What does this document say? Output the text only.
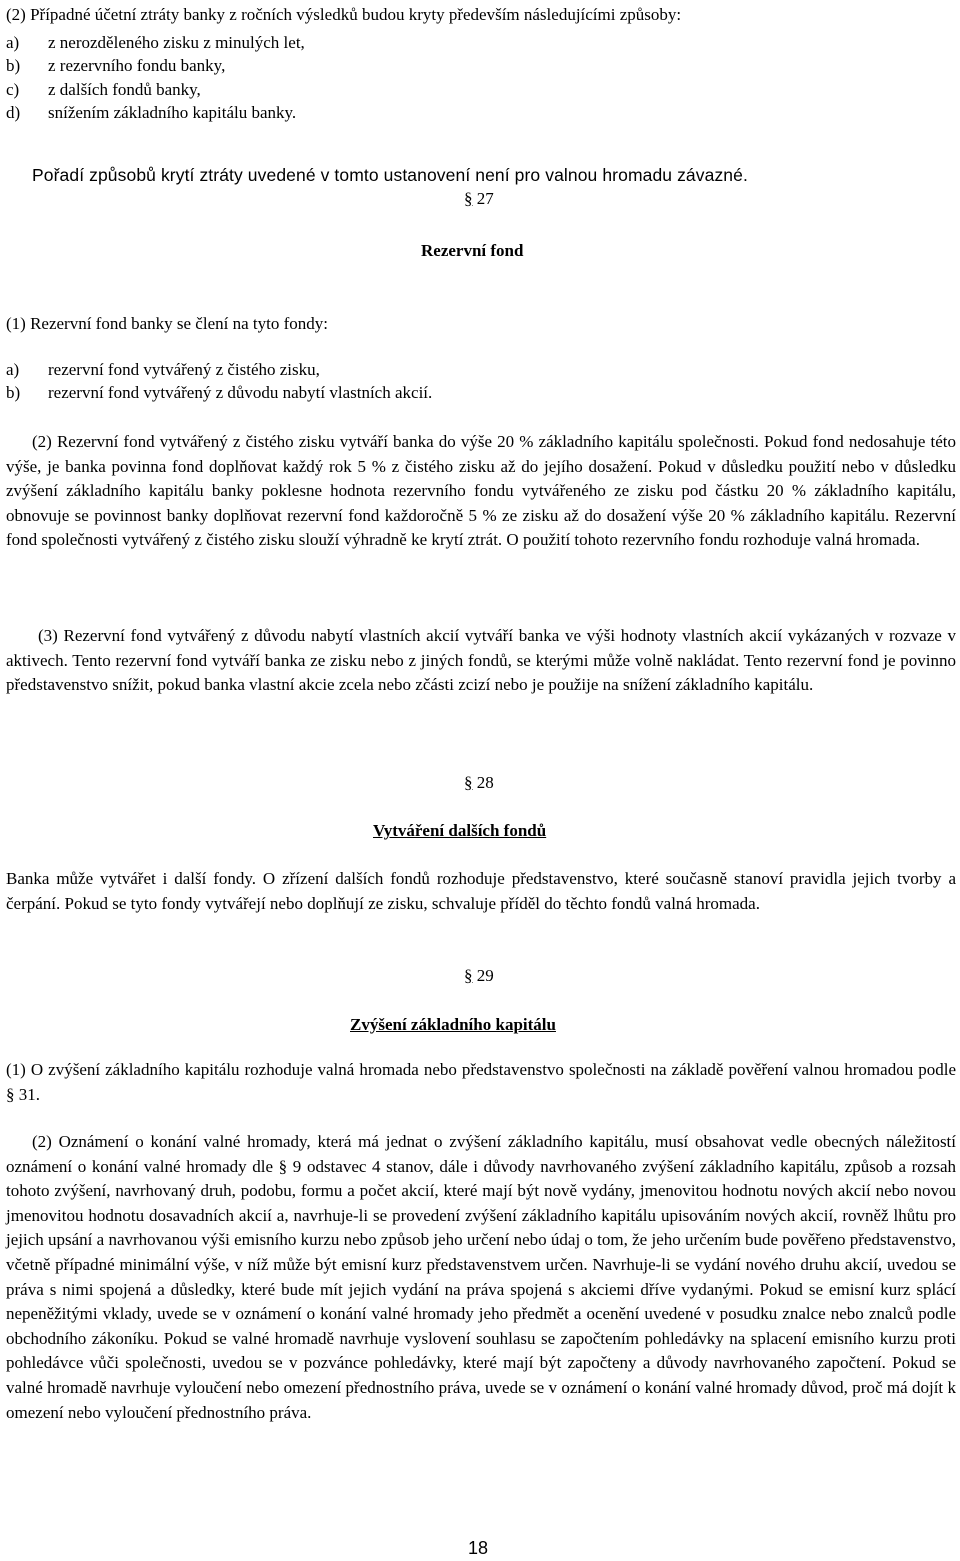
(2) Případné účetní ztráty banky z ročních výsledků budou kryty především následujícími způsoby:
a)	z nerozděleného zisku z minulých let,
b)	z rezervního fondu banky,
c)	z dalších fondů banky,
d)	snížením základního kapitálu banky.
Pořadí způsobů krytí ztráty uvedené v tomto ustanovení není pro valnou hromadu závazné.
§ 27
Rezervní fond
(1) Rezervní fond banky se člení na tyto fondy:
a)	rezervní fond vytvářený z čistého zisku,
b)	rezervní fond vytvářený z důvodu nabytí vlastních akcií.

(2) Rezervní fond vytvářený z čistého zisku vytváří banka do výše 20 % základního kapitálu společnosti. Pokud fond nedosahuje této výše, je banka povinna fond doplňovat každý rok 5 % z čistého zisku až do jejího dosažení. Pokud v důsledku použití nebo v důsledku zvýšení základního kapitálu banky poklesne hodnota rezervního fondu vytvářeného ze zisku pod částku 20 % základního kapitálu, obnovuje se povinnost banky doplňovat rezervní fond každoročně 5 % ze zisku až do dosažení výše 20 % základního kapitálu. Rezervní fond společnosti vytvářený z čistého zisku slouží výhradně ke krytí ztrát. O použití tohoto rezervního fondu rozhoduje valná hromada.

(3) Rezervní fond vytvářený z důvodu nabytí vlastních akcií vytváří banka ve výši hodnoty vlastních akcií vykázaných v rozvaze v aktivech. Tento rezervní fond vytváří banka ze zisku nebo z jiných fondů, se kterými může volně nakládat. Tento rezervní fond je povinno představenstvo snížit, pokud banka vlastní akcie zcela nebo zčásti zcizí nebo je použije na snížení základního kapitálu.

§ 28
Vytváření dalších fondů

Banka může vytvářet i další fondy. O zřízení dalších fondů rozhoduje představenstvo, které současně stanoví pravidla jejich tvorby a čerpání. Pokud se tyto fondy vytvářejí nebo doplňují ze zisku, schvaluje příděl do těchto fondů valná hromada.

§ 29
Zvýšení základního kapitálu

(1) O zvýšení základního kapitálu rozhoduje valná hromada nebo představenstvo společnosti na základě pověření valnou hromadou podle § 31.

(2) Oznámení o konání valné hromady, která má jednat o zvýšení základního kapitálu, musí obsahovat vedle obecných náležitostí oznámení o konání valné hromady dle § 9 odstavec 4 stanov, dále i důvody navrhovaného zvýšení základního kapitálu, způsob a rozsah tohoto zvýšení, navrhovaný druh, podobu, formu a počet akcií, které mají být nově vydány, jmenovitou hodnotu nových akcií nebo novou jmenovitou hodnotu dosavadních akcií a, navrhuje-li se provedení zvýšení základního kapitálu upisováním nových akcií, rovněž lhůtu pro jejich upsání a navrhovanou výši emisního kurzu nebo způsob jeho určení nebo údaj o tom, že jeho určením bude pověřeno představenstvo, včetně případné minimální výše, v níž může být emisní kurz představenstvem určen. Navrhuje-li se vydání nového druhu akcií, uvedou se práva s nimi spojená a důsledky, které bude mít jejich vydání na práva spojená s akciemi dříve vydanými. Pokud se emisní kurz splácí nepeněžitými vklady, uvede se v oznámení o konání valné hromady jeho předmět a ocenění uvedené v posudku znalce nebo znalců podle obchodního zákoníku. Pokud se valné hromadě navrhuje vyslovení souhlasu se započtením pohledávky na splacení emisního kurzu proti pohledávce vůči společnosti, uvedou se v pozvánce pohledávky, které mají být započteny a důvody navrhovaného započtení. Pokud se valné hromadě navrhuje vyloučení nebo omezení přednostního práva, uvede se v oznámení o konání valné hromady důvod, proč má dojít k omezení nebo vyloučení přednostního práva.

18
